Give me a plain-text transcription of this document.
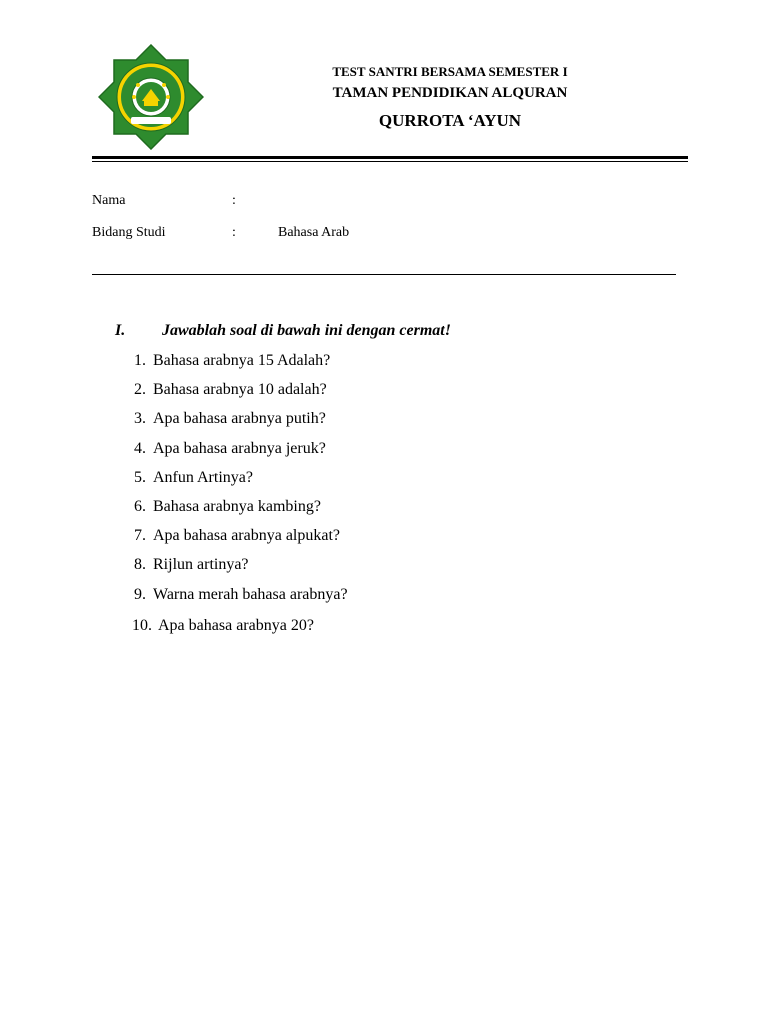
TEST SANTRI BERSAMA SEMESTER I
TAMAN PENDIDIKAN ALQURAN
QURROTA ‘AYUN
Nama	:
Bidang Studi	:	Bahasa Arab
I. Jawablah soal di bawah ini dengan cermat!
1. Bahasa arabnya 15 Adalah?
2. Bahasa arabnya 10 adalah?
3. Apa bahasa arabnya putih?
4. Apa bahasa arabnya jeruk?
5. Anfun Artinya?
6. Bahasa arabnya kambing?
7. Apa bahasa arabnya alpukat?
8. Rijlun artinya?
9. Warna merah bahasa arabnya?
10. Apa bahasa arabnya 20?
